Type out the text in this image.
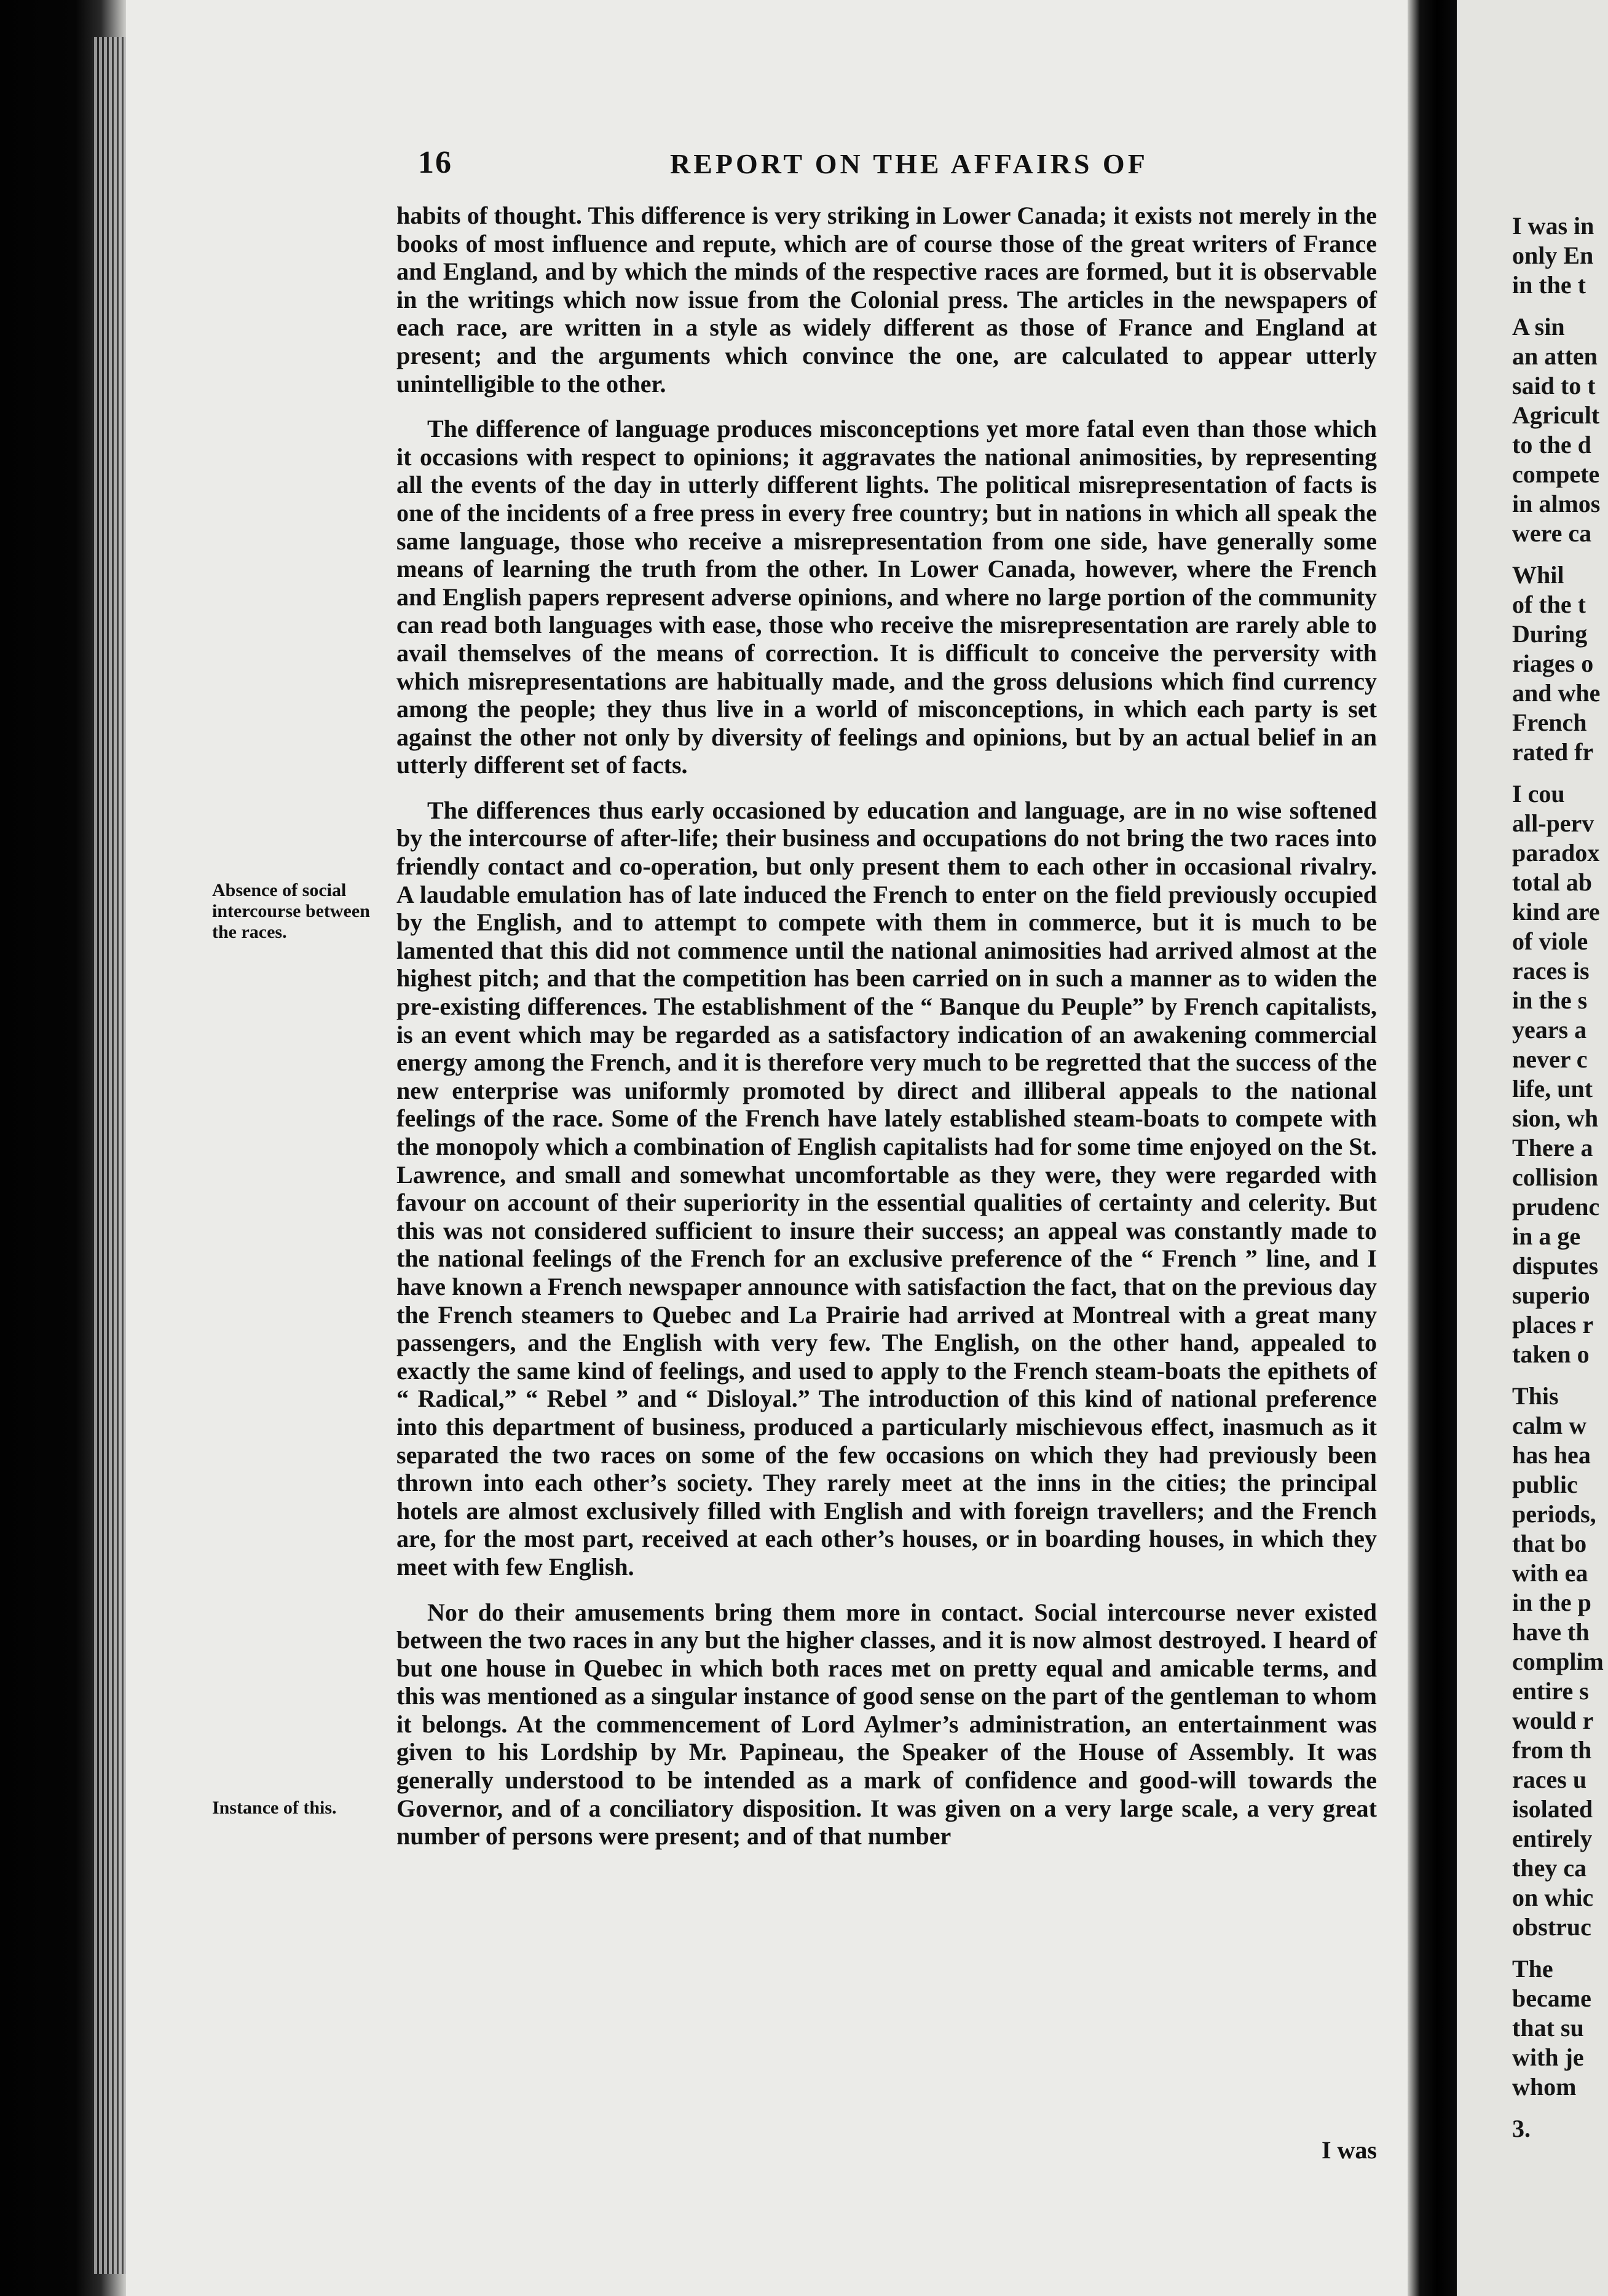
16	REPORT ON THE AFFAIRS OF
Absence of social intercourse between the races.
Instance of this.

habits of thought. This difference is very striking in Lower Canada; it exists not merely in the books of most influence and repute, which are of course those of the great writers of France and England, and by which the minds of the respective races are formed, but it is observable in the writings which now issue from the Colonial press. The articles in the newspapers of each race, are written in a style as widely different as those of France and England at present; and the arguments which convince the one, are calculated to appear utterly unintelligible to the other.

The difference of language produces misconceptions yet more fatal even than those which it occasions with respect to opinions; it aggravates the national animosities, by representing all the events of the day in utterly different lights. The political misrepresentation of facts is one of the incidents of a free press in every free country; but in nations in which all speak the same language, those who receive a misrepresentation from one side, have generally some means of learning the truth from the other. In Lower Canada, however, where the French and English papers represent adverse opinions, and where no large portion of the community can read both languages with ease, those who receive the misrepresentation are rarely able to avail themselves of the means of correction. It is difficult to conceive the perversity with which misrepresentations are habitually made, and the gross delusions which find currency among the people; they thus live in a world of misconceptions, in which each party is set against the other not only by diversity of feelings and opinions, but by an actual belief in an utterly different set of facts.

The differences thus early occasioned by education and language, are in no wise softened by the intercourse of after-life; their business and occupations do not bring the two races into friendly contact and co-operation, but only present them to each other in occasional rivalry. A laudable emulation has of late induced the French to enter on the field previously occupied by the English, and to attempt to compete with them in commerce, but it is much to be lamented that this did not commence until the national animosities had arrived almost at the highest pitch; and that the competition has been carried on in such a manner as to widen the pre-existing differences. The establishment of the “ Banque du Peuple” by French capitalists, is an event which may be regarded as a satisfactory indication of an awakening commercial energy among the French, and it is therefore very much to be regretted that the success of the new enterprise was uniformly promoted by direct and illiberal appeals to the national feelings of the race. Some of the French have lately established steam-boats to compete with the monopoly which a combination of English capitalists had for some time enjoyed on the St. Lawrence, and small and somewhat uncomfortable as they were, they were regarded with favour on account of their superiority in the essential qualities of certainty and celerity. But this was not considered sufficient to insure their success; an appeal was constantly made to the national feelings of the French for an exclusive preference of the “ French ” line, and I have known a French newspaper announce with satisfaction the fact, that on the previous day the French steamers to Quebec and La Prairie had arrived at Montreal with a great many passengers, and the English with very few. The English, on the other hand, appealed to exactly the same kind of feelings, and used to apply to the French steam-boats the epithets of “ Radical,” “ Rebel ” and “ Disloyal.” The introduction of this kind of national preference into this department of business, produced a particularly mischievous effect, inasmuch as it separated the two races on some of the few occasions on which they had previously been thrown into each other’s society. They rarely meet at the inns in the cities; the principal hotels are almost exclusively filled with English and with foreign travellers; and the French are, for the most part, received at each other’s houses, or in boarding houses, in which they meet with few English.

Nor do their amusements bring them more in contact. Social intercourse never existed between the two races in any but the higher classes, and it is now almost destroyed. I heard of but one house in Quebec in which both races met on pretty equal and amicable terms, and this was mentioned as a singular instance of good sense on the part of the gentleman to whom it belongs. At the commencement of Lord Aylmer’s administration, an entertainment was given to his Lordship by Mr. Papineau, the Speaker of the House of Assembly. It was generally understood to be intended as a mark of confidence and good-will towards the Governor, and of a conciliatory disposition. It was given on a very large scale, a very great number of persons were present; and of that number

I was
I was in
only En
in the t
A sin
an atten
said to t
Agricult
to the d
compete
in almos
were ca
Whil
of the t
During
riages o
and whe
French
rated fr
I cou
all-perv
paradox
total ab
kind are
of viole
races is
in the s
years a
never c
life, unt
sion, wh
There a
collision
prudenc
in a ge
disputes
superio
places r
taken o
This
calm w
has hea
public
periods,
that bo
with ea
in the p
have th
complim
entire s
would r
from th
races u
isolated
entirely
they ca
on whic
obstruc
The
became
that su
with je
whom
3.
